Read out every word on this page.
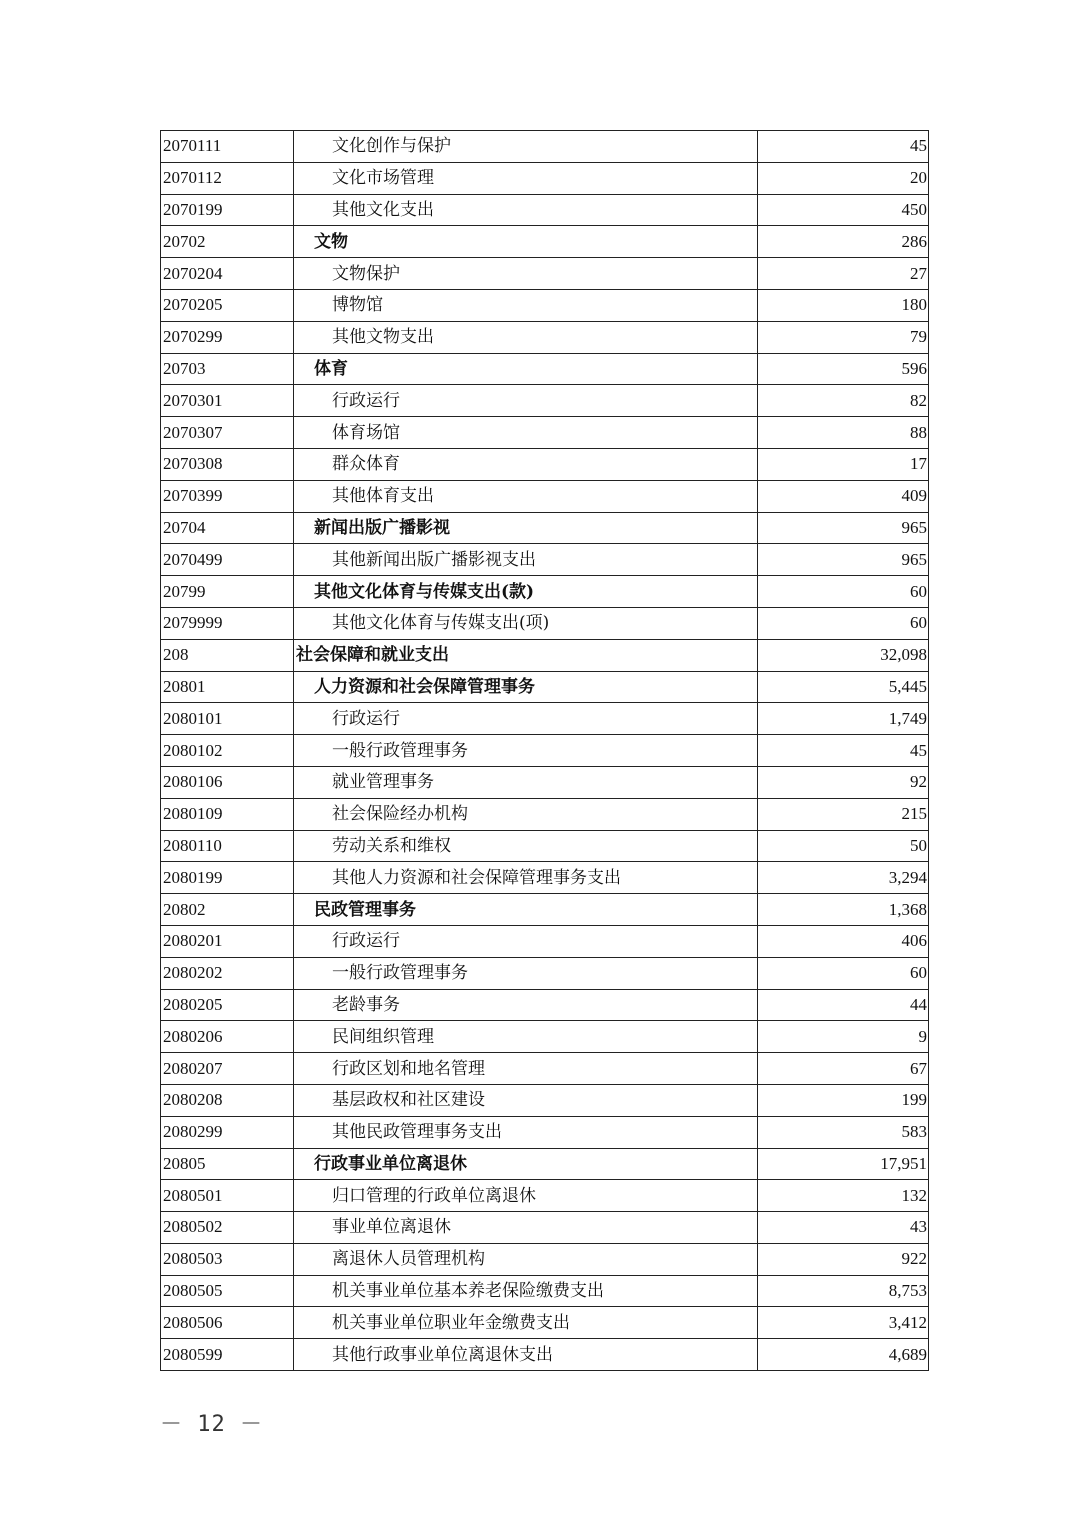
2070111	文化创作与保护	45
2070112	文化市场管理	20
2070199	其他文化支出	450
20702	文物	286
2070204	文物保护	27
2070205	博物馆	180
2070299	其他文物支出	79
20703	体育	596
2070301	行政运行	82
2070307	体育场馆	88
2070308	群众体育	17
2070399	其他体育支出	409
20704	新闻出版广播影视	965
2070499	其他新闻出版广播影视支出	965
20799	其他文化体育与传媒支出(款)	60
2079999	其他文化体育与传媒支出(项)	60
208	社会保障和就业支出	32,098
20801	人力资源和社会保障管理事务	5,445
2080101	行政运行	1,749
2080102	一般行政管理事务	45
2080106	就业管理事务	92
2080109	社会保险经办机构	215
2080110	劳动关系和维权	50
2080199	其他人力资源和社会保障管理事务支出	3,294
20802	民政管理事务	1,368
2080201	行政运行	406
2080202	一般行政管理事务	60
2080205	老龄事务	44
2080206	民间组织管理	9
2080207	行政区划和地名管理	67
2080208	基层政权和社区建设	199
2080299	其他民政管理事务支出	583
20805	行政事业单位离退休	17,951
2080501	归口管理的行政单位离退休	132
2080502	事业单位离退休	43
2080503	离退休人员管理机构	922
2080505	机关事业单位基本养老保险缴费支出	8,753
2080506	机关事业单位职业年金缴费支出	3,412
2080599	其他行政事业单位离退休支出	4,689
－ 12 －
